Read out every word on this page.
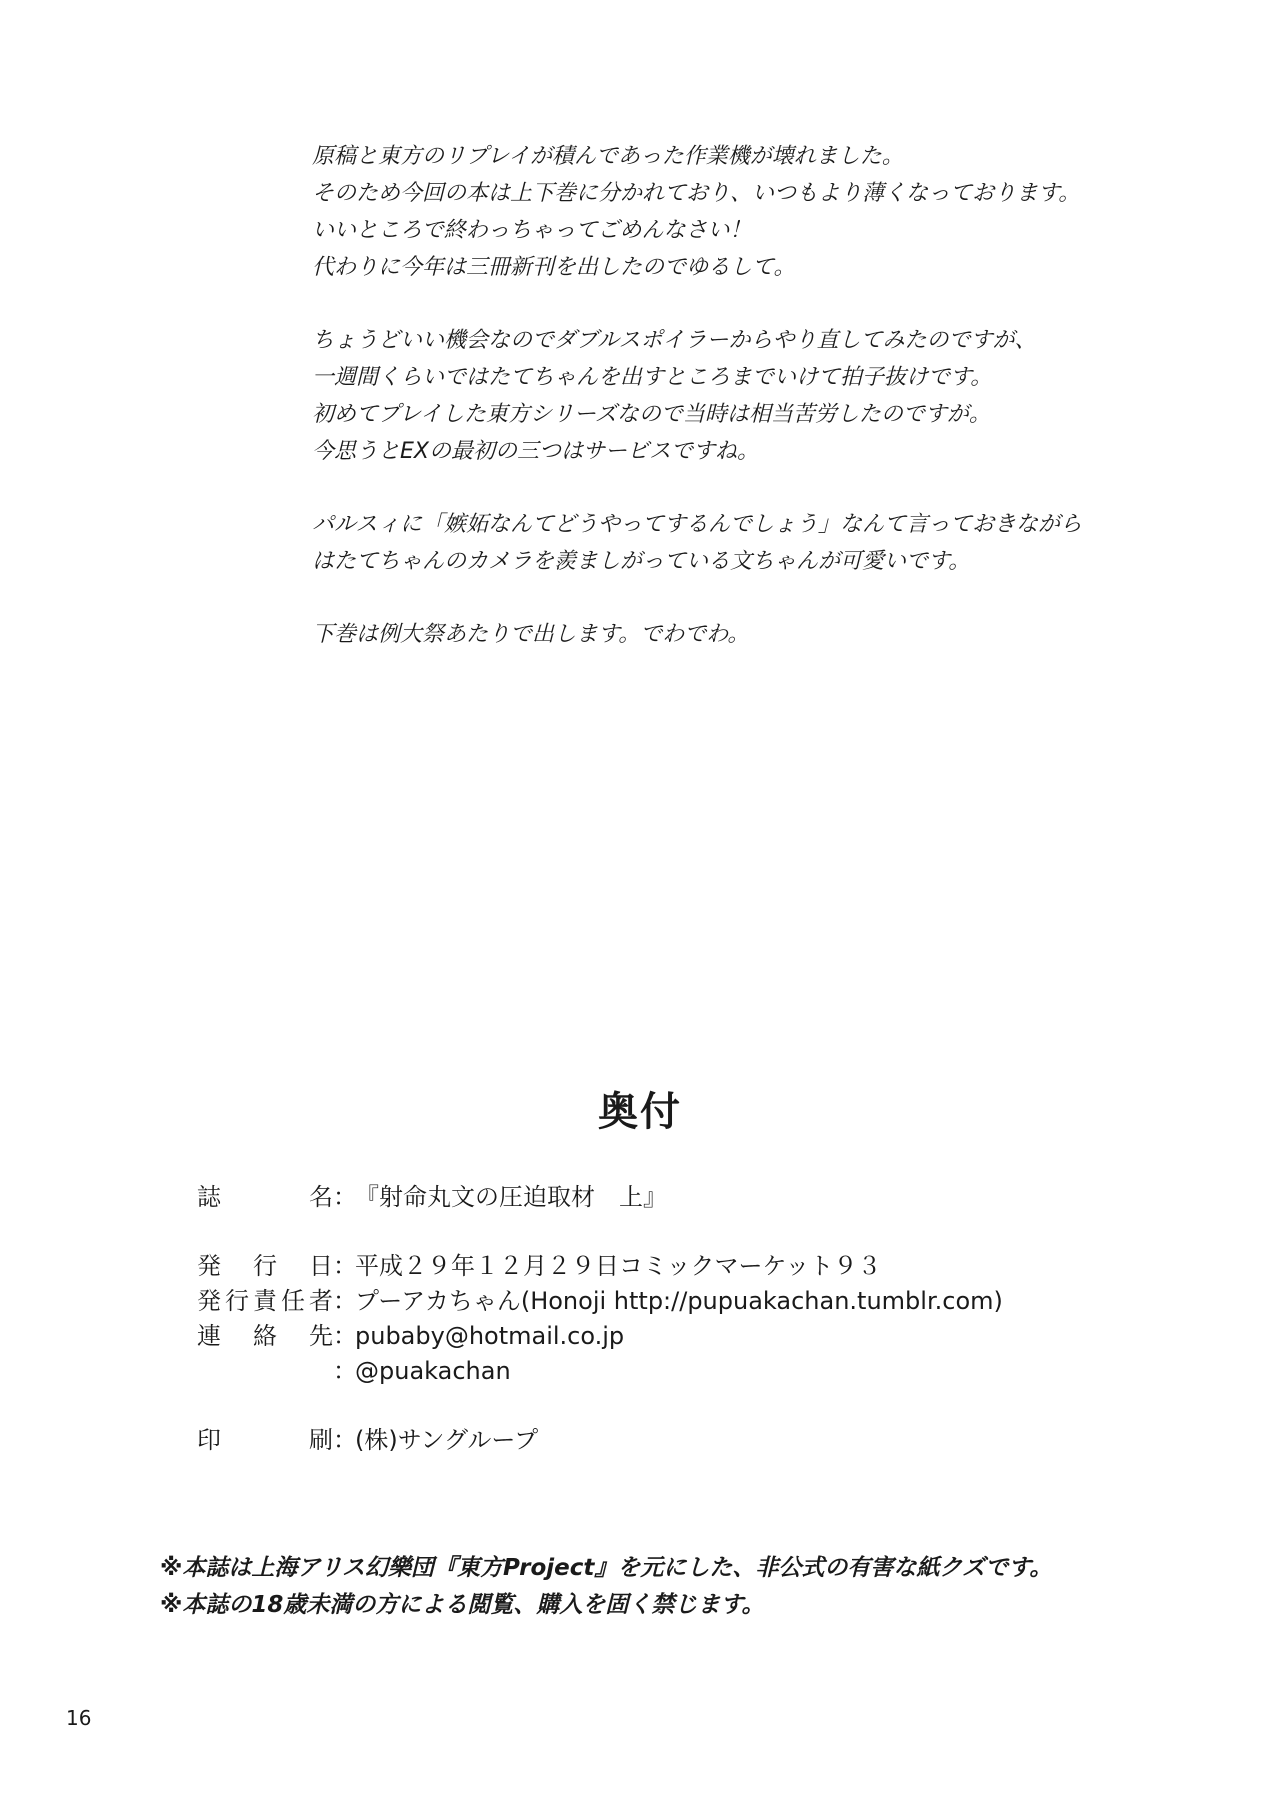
原稿と東方のリプレイが積んであった作業機が壊れました。
そのため今回の本は上下巻に分かれており、いつもより薄くなっております。
いいところで終わっちゃってごめんなさい！
代わりに今年は三冊新刊を出したのでゆるして。
ちょうどいい機会なのでダブルスポイラーからやり直してみたのですが、
一週間くらいではたてちゃんを出すところまでいけて拍子抜けです。
初めてプレイした東方シリーズなので当時は相当苦労したのですが。
今思うとEXの最初の三つはサービスですね。
パルスィに「嫉妬なんてどうやってするんでしょう」なんて言っておきながら
はたてちゃんのカメラを羨ましがっている文ちゃんが可愛いです。
下巻は例大祭あたりで出します。でわでわ。
奥付
誌名 ：
『射命丸文の圧迫取材　上』
発行日 ：
平成２９年１２月２９日コミックマーケット９３
発行責任者 ：
プーアカちゃん(Honoji http://pupuakachan.tumblr.com)
連絡先 ：
pubaby@hotmail.co.jp
：
@puakachan
印刷 ：
(株)サングループ
※本誌は上海アリス幻樂団『東方Project』を元にした、非公式の有害な紙クズです。
※本誌の18歳未満の方による閲覧、購入を固く禁じます。
16
